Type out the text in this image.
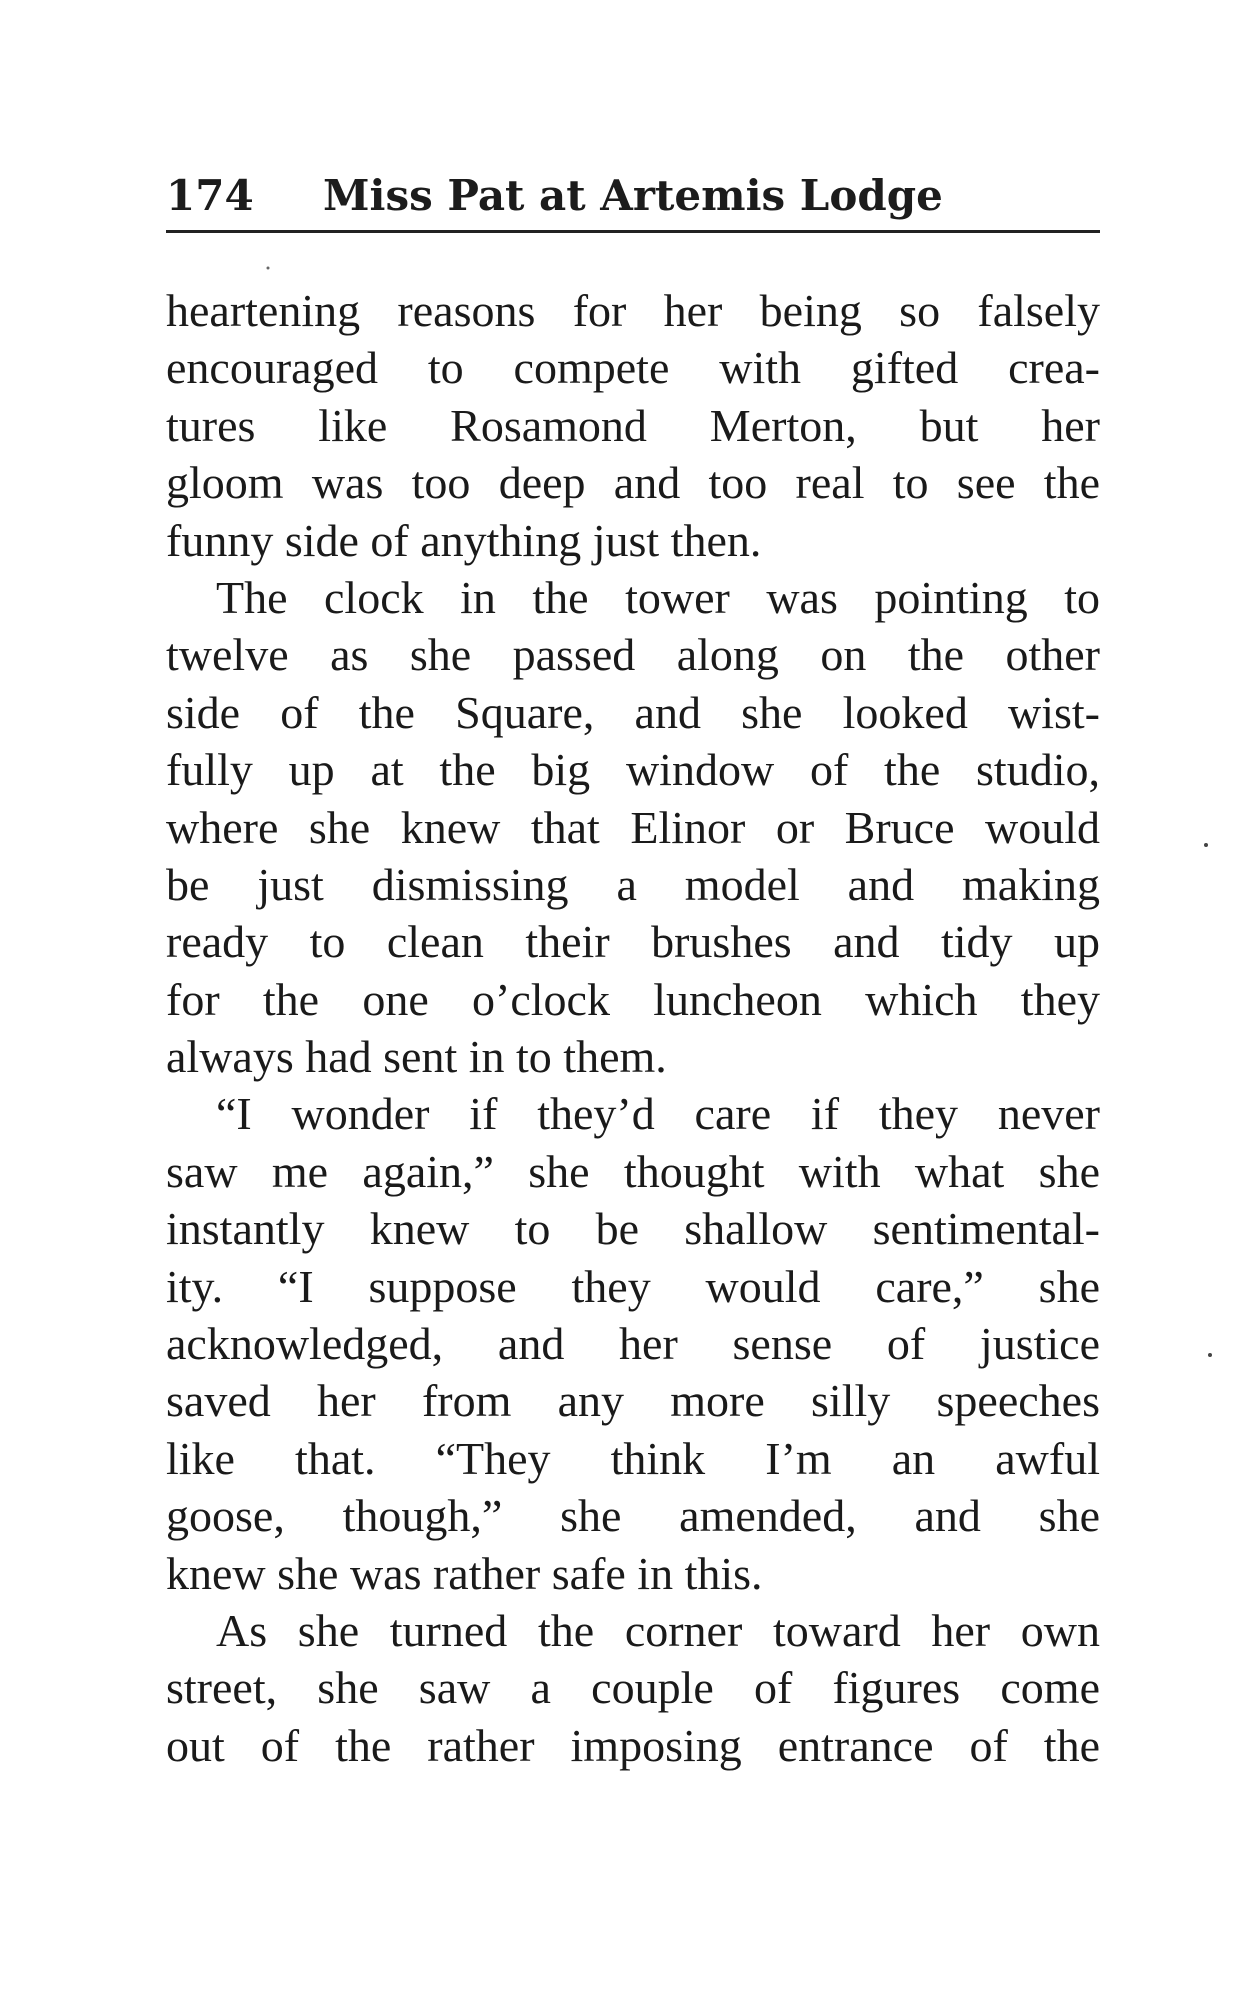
174 Miss Pat at Artemis Lodge
heartening reasons for her being so falsely
encouraged to compete with gifted crea-
tures like Rosamond Merton, but her
gloom was too deep and too real to see the
funny side of anything just then.
The clock in the tower was pointing to
twelve as she passed along on the other
side of the Square, and she looked wist-
fully up at the big window of the studio,
where she knew that Elinor or Bruce would
be just dismissing a model and making
ready to clean their brushes and tidy up
for the one o’clock luncheon which they
always had sent in to them.
“I wonder if they’d care if they never
saw me again,” she thought with what she
instantly knew to be shallow sentimental-
ity. “I suppose they would care,” she
acknowledged, and her sense of justice
saved her from any more silly speeches
like that. “They think I’m an awful
goose, though,” she amended, and she
knew she was rather safe in this.
As she turned the corner toward her own
street, she saw a couple of figures come
out of the rather imposing entrance of the
